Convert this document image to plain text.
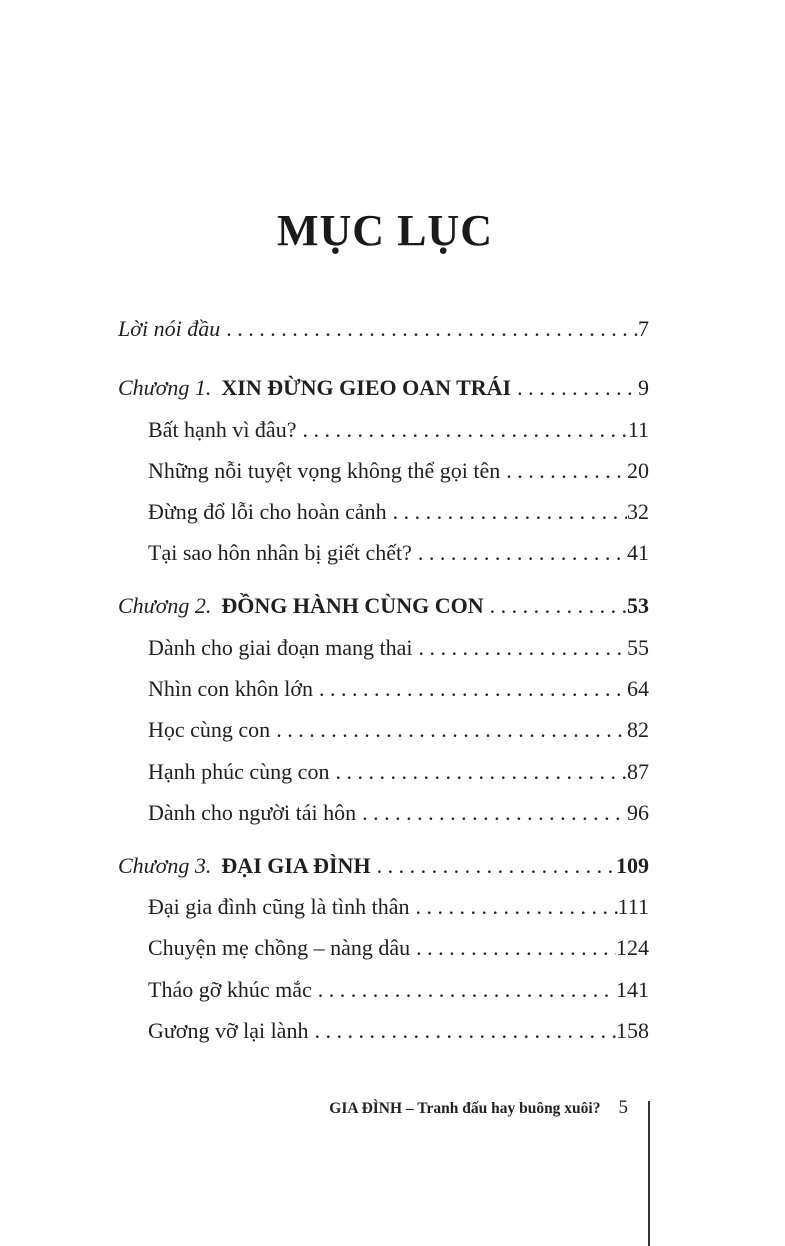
MỤC LỤC
Lời nói đầu . . .	7
Chương 1. XIN ĐỪNG GIEO OAN TRÁI . . .	9
Bất hạnh vì đâu? . . .	11
Những nỗi tuyệt vọng không thể gọi tên . . .	20
Đừng đổ lỗi cho hoàn cảnh . . .	32
Tại sao hôn nhân bị giết chết? . . .	41
Chương 2. ĐỒNG HÀNH CÙNG CON . . .	53
Dành cho giai đoạn mang thai . . .	55
Nhìn con khôn lớn . . .	64
Học cùng con . . .	82
Hạnh phúc cùng con . . .	87
Dành cho người tái hôn . . .	96
Chương 3. ĐẠI GIA ĐÌNH . . .	109
Đại gia đình cũng là tình thân . . .	111
Chuyện mẹ chồng – nàng dâu . . .	124
Tháo gỡ khúc mắc . . .	141
Gương vỡ lại lành . . .	158
GIA ĐÌNH – Tranh đấu hay buông xuôi? 5
